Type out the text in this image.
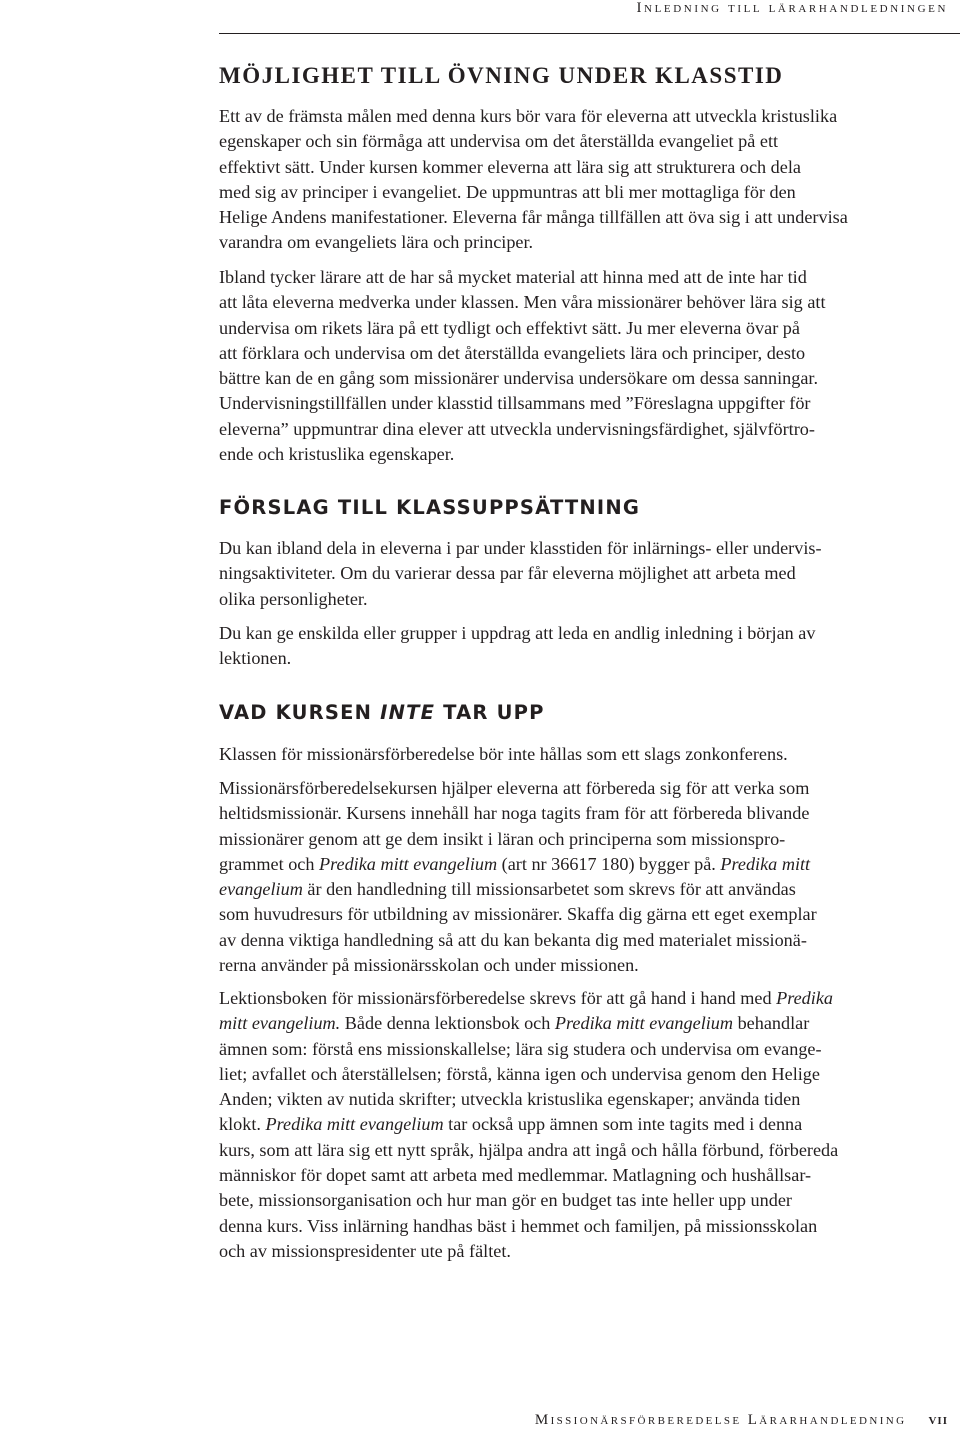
Inledning till lärarhandledningen
MÖJLIGHET TILL ÖVNING UNDER KLASSTID
Ett av de främsta målen med denna kurs bör vara för eleverna att utveckla kristuslika
egenskaper och sin förmåga att undervisa om det återställda evangeliet på ett
effektivt sätt. Under kursen kommer eleverna att lära sig att strukturera och dela
med sig av principer i evangeliet. De uppmuntras att bli mer mottagliga för den
Helige Andens manifestationer. Eleverna får många tillfällen att öva sig i att undervisa
varandra om evangeliets lära och principer.
Ibland tycker lärare att de har så mycket material att hinna med att de inte har tid
att låta eleverna medverka under klassen. Men våra missionärer behöver lära sig att
undervisa om rikets lära på ett tydligt och effektivt sätt. Ju mer eleverna övar på
att förklara och undervisa om det återställda evangeliets lära och principer, desto
bättre kan de en gång som missionärer undervisa undersökare om dessa sanningar.
Undervisningstillfällen under klasstid tillsammans med ”Föreslagna uppgifter för
eleverna” uppmuntrar dina elever att utveckla undervisningsfärdighet, självförtro-
ende och kristuslika egenskaper.
FÖRSLAG TILL KLASSUPPSÄTTNING
Du kan ibland dela in eleverna i par under klasstiden för inlärnings- eller undervis-
ningsaktiviteter. Om du varierar dessa par får eleverna möjlighet att arbeta med
olika personligheter.
Du kan ge enskilda eller grupper i uppdrag att leda en andlig inledning i början av
lektionen.
VAD KURSEN INTE TAR UPP
Klassen för missionärsförberedelse bör inte hållas som ett slags zonkonferens.
Missionärsförberedelsekursen hjälper eleverna att förbereda sig för att verka som
heltidsmissionär. Kursens innehåll har noga tagits fram för att förbereda blivande
missionärer genom att ge dem insikt i läran och principerna som missionspro-
grammet och Predika mitt evangelium (art nr 36617 180) bygger på. Predika mitt
evangelium är den handledning till missionsarbetet som skrevs för att användas
som huvudresurs för utbildning av missionärer. Skaffa dig gärna ett eget exemplar
av denna viktiga handledning så att du kan bekanta dig med materialet missionä-
rerna använder på missionärsskolan och under missionen.
Lektionsboken för missionärsförberedelse skrevs för att gå hand i hand med Predika
mitt evangelium. Både denna lektionsbok och Predika mitt evangelium behandlar
ämnen som: förstå ens missionskallelse; lära sig studera och undervisa om evange-
liet; avfallet och återställelsen; förstå, känna igen och undervisa genom den Helige
Anden; vikten av nutida skrifter; utveckla kristuslika egenskaper; använda tiden
klokt. Predika mitt evangelium tar också upp ämnen som inte tagits med i denna
kurs, som att lära sig ett nytt språk, hjälpa andra att ingå och hålla förbund, förbereda
människor för dopet samt att arbeta med medlemmar. Matlagning och hushållsar-
bete, missionsorganisation och hur man gör en budget tas inte heller upp under
denna kurs. Viss inlärning handhas bäst i hemmet och familjen, på missionsskolan
och av missionspresidenter ute på fältet.
Missionärsförberedelse Lärarhandledning vii
